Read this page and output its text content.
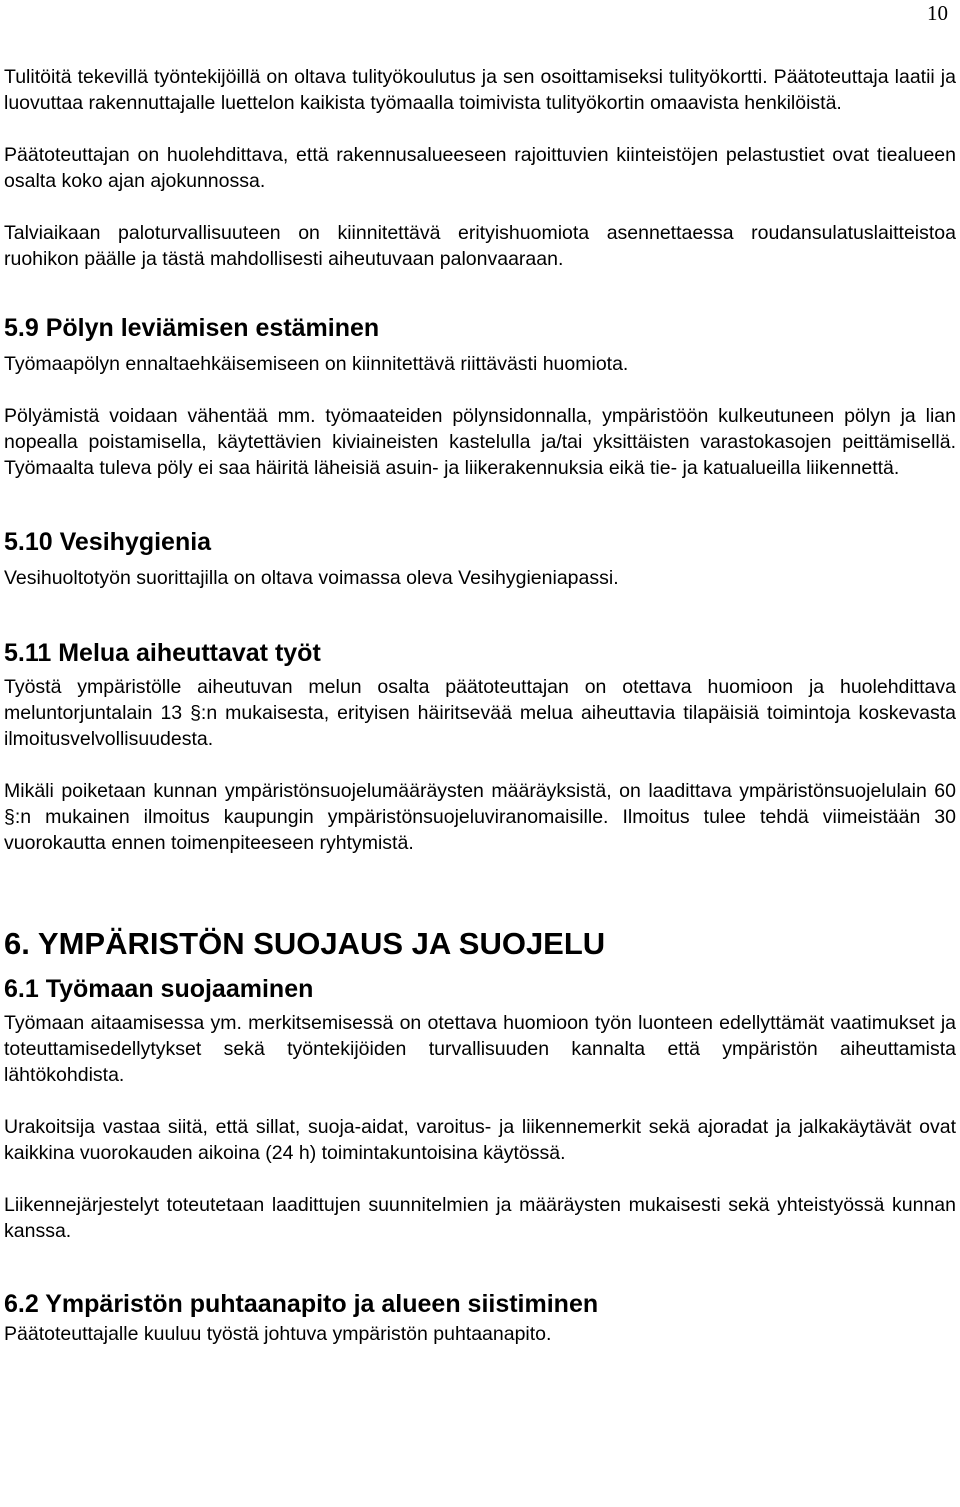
10

Tulitöitä tekevillä työntekijöillä on oltava tulityökoulutus ja sen osoittamiseksi tulityökortti. Päätoteuttaja laatii ja luovuttaa rakennuttajalle luettelon kaikista työmaalla toimivista tulityökortin omaavista henkilöistä.

Päätoteuttajan on huolehdittava, että rakennusalueeseen rajoittuvien kiinteistöjen pelastustiet ovat tiealueen osalta koko ajan ajokunnossa.

Talviaikaan paloturvallisuuteen on kiinnitettävä erityishuomiota asennettaessa roudansulatuslaitteistoa ruohikon päälle ja tästä mahdollisesti aiheutuvaan palonvaaraan.

5.9 Pölyn leviämisen estäminen

Työmaapölyn ennaltaehkäisemiseen on kiinnitettävä riittävästi huomiota.

Pölyämistä voidaan vähentää mm. työmaateiden pölynsidonnalla, ympäristöön kulkeutuneen pölyn ja lian nopealla poistamisella, käytettävien kiviaineisten kastelulla ja/tai yksittäisten varastokasojen peittämisellä. Työmaalta tuleva pöly ei saa häiritä läheisiä asuin- ja liikerakennuksia eikä tie- ja katualueilla liikennettä.

5.10 Vesihygienia

Vesihuoltotyön suorittajilla on oltava voimassa oleva Vesihygieniapassi.

5.11 Melua aiheuttavat työt

Työstä ympäristölle aiheutuvan melun osalta päätoteuttajan on otettava huomioon ja huolehdittava meluntorjuntalain 13 §:n mukaisesta, erityisen häiritsevää melua aiheuttavia tilapäisiä toimintoja koskevasta ilmoitusvelvollisuudesta.

Mikäli poiketaan kunnan ympäristönsuojelumääräysten määräyksistä, on laadittava ympäristönsuojelulain 60 §:n mukainen ilmoitus kaupungin ympäristönsuojeluviranomaisille. Ilmoitus tulee tehdä viimeistään 30 vuorokautta ennen toimenpiteeseen ryhtymistä.

6. YMPÄRISTÖN SUOJAUS JA SUOJELU
6.1 Työmaan suojaaminen

Työmaan aitaamisessa ym. merkitsemisessä on otettava huomioon työn luonteen edellyttämät vaatimukset ja toteuttamisedellytykset sekä työntekijöiden turvallisuuden kannalta että ympäristön aiheuttamista lähtökohdista.

Urakoitsija vastaa siitä, että sillat, suoja-aidat, varoitus- ja liikennemerkit sekä ajoradat ja jalkakäytävät ovat kaikkina vuorokauden aikoina (24 h) toimintakuntoisina käytössä.

Liikennejärjestelyt toteutetaan laadittujen suunnitelmien ja määräysten mukaisesti sekä yhteistyössä kunnan kanssa.

6.2 Ympäristön puhtaanapito ja alueen siistiminen

Päätoteuttajalle kuuluu työstä johtuva ympäristön puhtaanapito.
